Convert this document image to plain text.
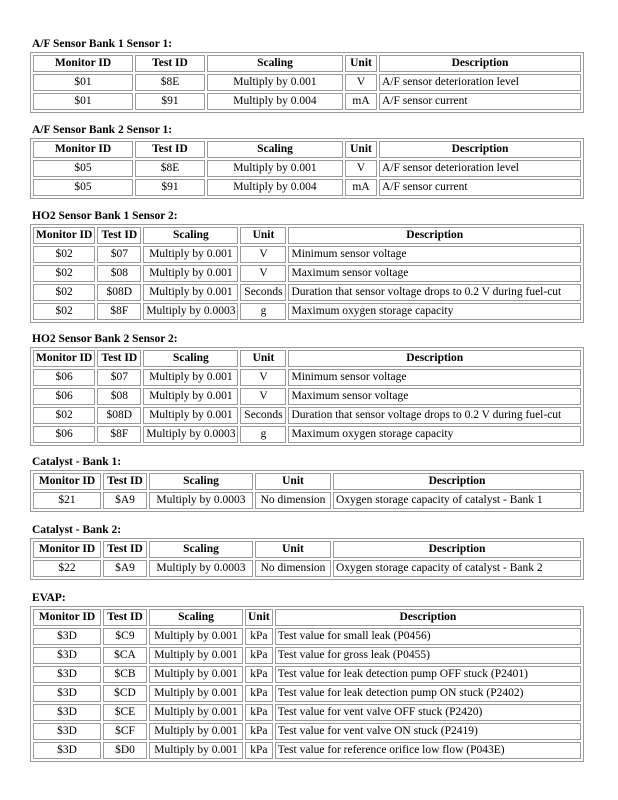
A/F Sensor Bank 1 Sensor 1:
Monitor ID	Test ID	Scaling	Unit	Description
$01	$8E	Multiply by 0.001	V	A/F sensor deterioration level
$01	$91	Multiply by 0.004	mA	A/F sensor current
A/F Sensor Bank 2 Sensor 1:
Monitor ID	Test ID	Scaling	Unit	Description
$05	$8E	Multiply by 0.001	V	A/F sensor deterioration level
$05	$91	Multiply by 0.004	mA	A/F sensor current
HO2 Sensor Bank 1 Sensor 2:
Monitor ID	Test ID	Scaling	Unit	Description
$02	$07	Multiply by 0.001	V	Minimum sensor voltage
$02	$08	Multiply by 0.001	V	Maximum sensor voltage
$02	$08D	Multiply by 0.001	Seconds	Duration that sensor voltage drops to 0.2 V during fuel-cut
$02	$8F	Multiply by 0.0003	g	Maximum oxygen storage capacity
HO2 Sensor Bank 2 Sensor 2:
Monitor ID	Test ID	Scaling	Unit	Description
$06	$07	Multiply by 0.001	V	Minimum sensor voltage
$06	$08	Multiply by 0.001	V	Maximum sensor voltage
$02	$08D	Multiply by 0.001	Seconds	Duration that sensor voltage drops to 0.2 V during fuel-cut
$06	$8F	Multiply by 0.0003	g	Maximum oxygen storage capacity
Catalyst - Bank 1:
Monitor ID	Test ID	Scaling	Unit	Description
$21	$A9	Multiply by 0.0003	No dimension	Oxygen storage capacity of catalyst - Bank 1
Catalyst - Bank 2:
Monitor ID	Test ID	Scaling	Unit	Description
$22	$A9	Multiply by 0.0003	No dimension	Oxygen storage capacity of catalyst - Bank 2
EVAP:
Monitor ID	Test ID	Scaling	Unit	Description
$3D	$C9	Multiply by 0.001	kPa	Test value for small leak (P0456)
$3D	$CA	Multiply by 0.001	kPa	Test value for gross leak (P0455)
$3D	$CB	Multiply by 0.001	kPa	Test value for leak detection pump OFF stuck (P2401)
$3D	$CD	Multiply by 0.001	kPa	Test value for leak detection pump ON stuck (P2402)
$3D	$CE	Multiply by 0.001	kPa	Test value for vent valve OFF stuck (P2420)
$3D	$CF	Multiply by 0.001	kPa	Test value for vent valve ON stuck (P2419)
$3D	$D0	Multiply by 0.001	kPa	Test value for reference orifice low flow (P043E)
